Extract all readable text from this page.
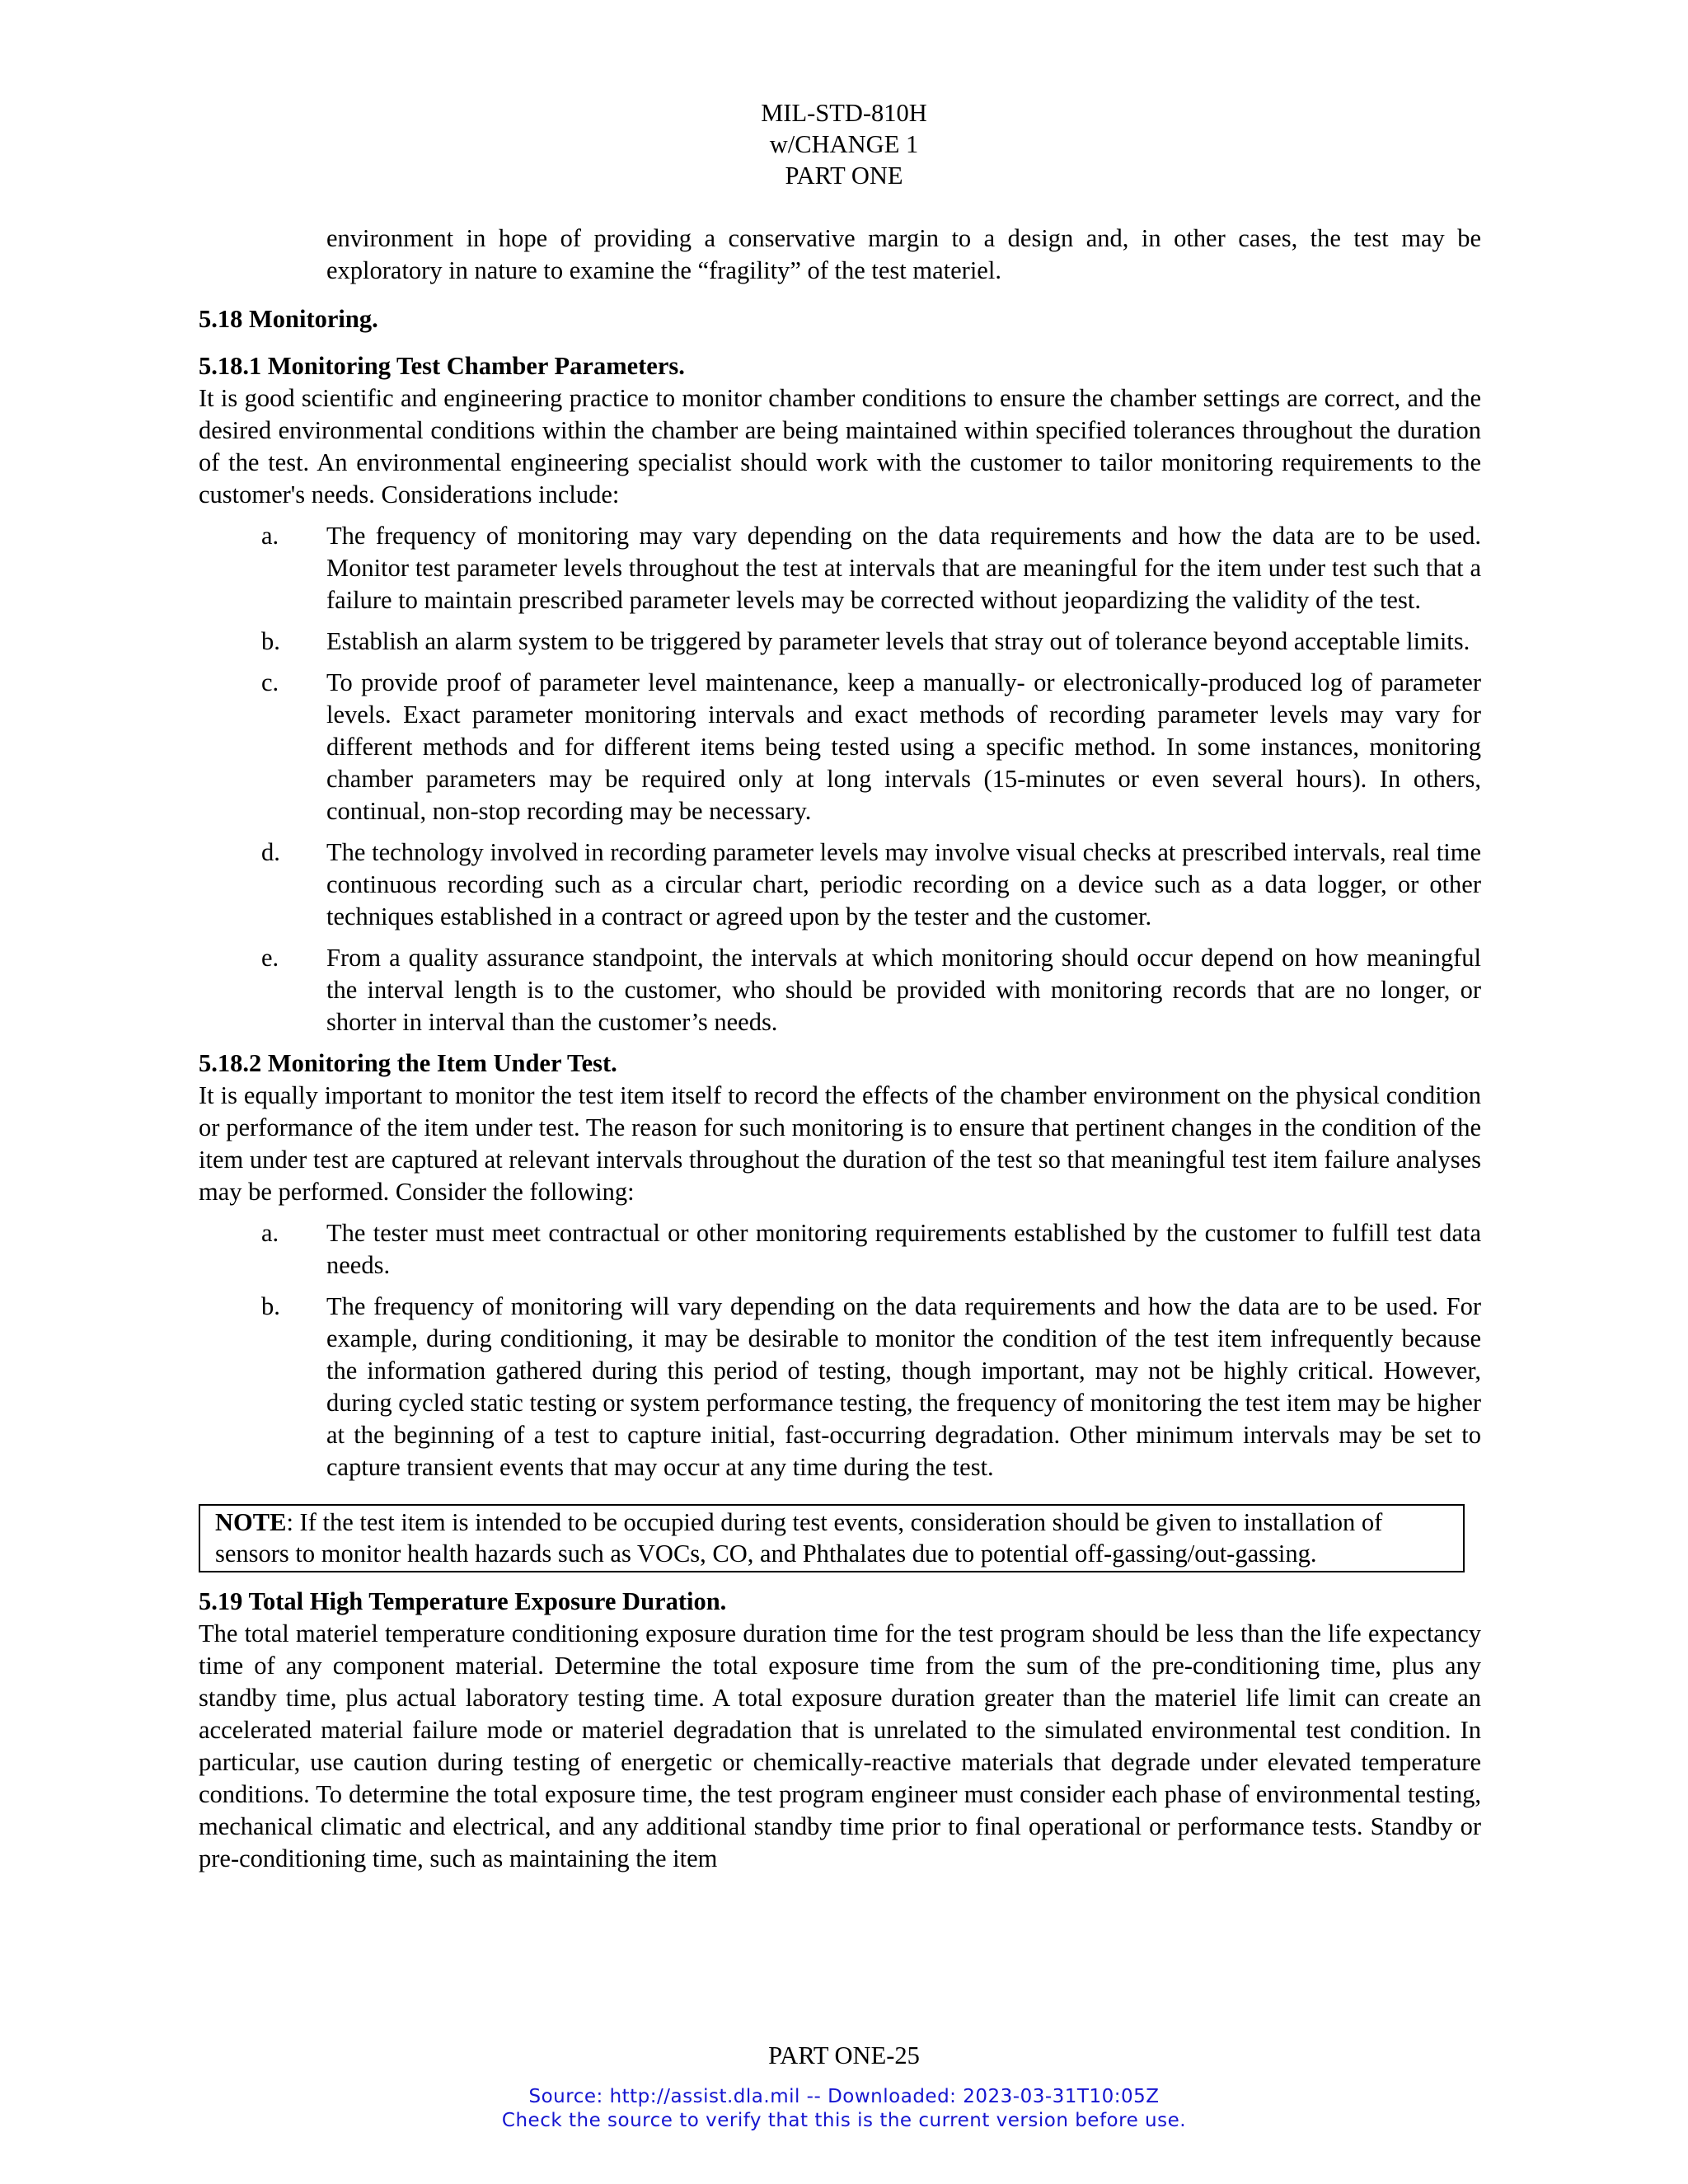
MIL-STD-810H
w/CHANGE 1
PART ONE

environment in hope of providing a conservative margin to a design and, in other cases, the test may be exploratory in nature to examine the “fragility” of the test materiel.

5.18 Monitoring.
5.18.1 Monitoring Test Chamber Parameters.

It is good scientific and engineering practice to monitor chamber conditions to ensure the chamber settings are correct, and the desired environmental conditions within the chamber are being maintained within specified tolerances throughout the duration of the test. An environmental engineering specialist should work with the customer to tailor monitoring requirements to the customer's needs. Considerations include:

a. The frequency of monitoring may vary depending on the data requirements and how the data are to be used. Monitor test parameter levels throughout the test at intervals that are meaningful for the item under test such that a failure to maintain prescribed parameter levels may be corrected without jeopardizing the validity of the test.
b. Establish an alarm system to be triggered by parameter levels that stray out of tolerance beyond acceptable limits.
c. To provide proof of parameter level maintenance, keep a manually- or electronically-produced log of parameter levels. Exact parameter monitoring intervals and exact methods of recording parameter levels may vary for different methods and for different items being tested using a specific method. In some instances, monitoring chamber parameters may be required only at long intervals (15-minutes or even several hours). In others, continual, non-stop recording may be necessary.
d. The technology involved in recording parameter levels may involve visual checks at prescribed intervals, real time continuous recording such as a circular chart, periodic recording on a device such as a data logger, or other techniques established in a contract or agreed upon by the tester and the customer.
e. From a quality assurance standpoint, the intervals at which monitoring should occur depend on how meaningful the interval length is to the customer, who should be provided with monitoring records that are no longer, or shorter in interval than the customer’s needs.
5.18.2 Monitoring the Item Under Test.

It is equally important to monitor the test item itself to record the effects of the chamber environment on the physical condition or performance of the item under test. The reason for such monitoring is to ensure that pertinent changes in the condition of the item under test are captured at relevant intervals throughout the duration of the test so that meaningful test item failure analyses may be performed. Consider the following:

a. The tester must meet contractual or other monitoring requirements established by the customer to fulfill test data needs.
b. The frequency of monitoring will vary depending on the data requirements and how the data are to be used. For example, during conditioning, it may be desirable to monitor the condition of the test item infrequently because the information gathered during this period of testing, though important, may not be highly critical. However, during cycled static testing or system performance testing, the frequency of monitoring the test item may be higher at the beginning of a test to capture initial, fast-occurring degradation. Other minimum intervals may be set to capture transient events that may occur at any time during the test.
NOTE: If the test item is intended to be occupied during test events, consideration should be given to installation of sensors to monitor health hazards such as VOCs, CO, and Phthalates due to potential off-gassing/out-gassing.
5.19 Total High Temperature Exposure Duration.

The total materiel temperature conditioning exposure duration time for the test program should be less than the life expectancy time of any component material. Determine the total exposure time from the sum of the pre-conditioning time, plus any standby time, plus actual laboratory testing time. A total exposure duration greater than the materiel life limit can create an accelerated material failure mode or materiel degradation that is unrelated to the simulated environmental test condition. In particular, use caution during testing of energetic or chemically-reactive materials that degrade under elevated temperature conditions. To determine the total exposure time, the test program engineer must consider each phase of environmental testing, mechanical climatic and electrical, and any additional standby time prior to final operational or performance tests. Standby or pre-conditioning time, such as maintaining the item

PART ONE-25
Source: http://assist.dla.mil -- Downloaded: 2023-03-31T10:05Z
Check the source to verify that this is the current version before use.
